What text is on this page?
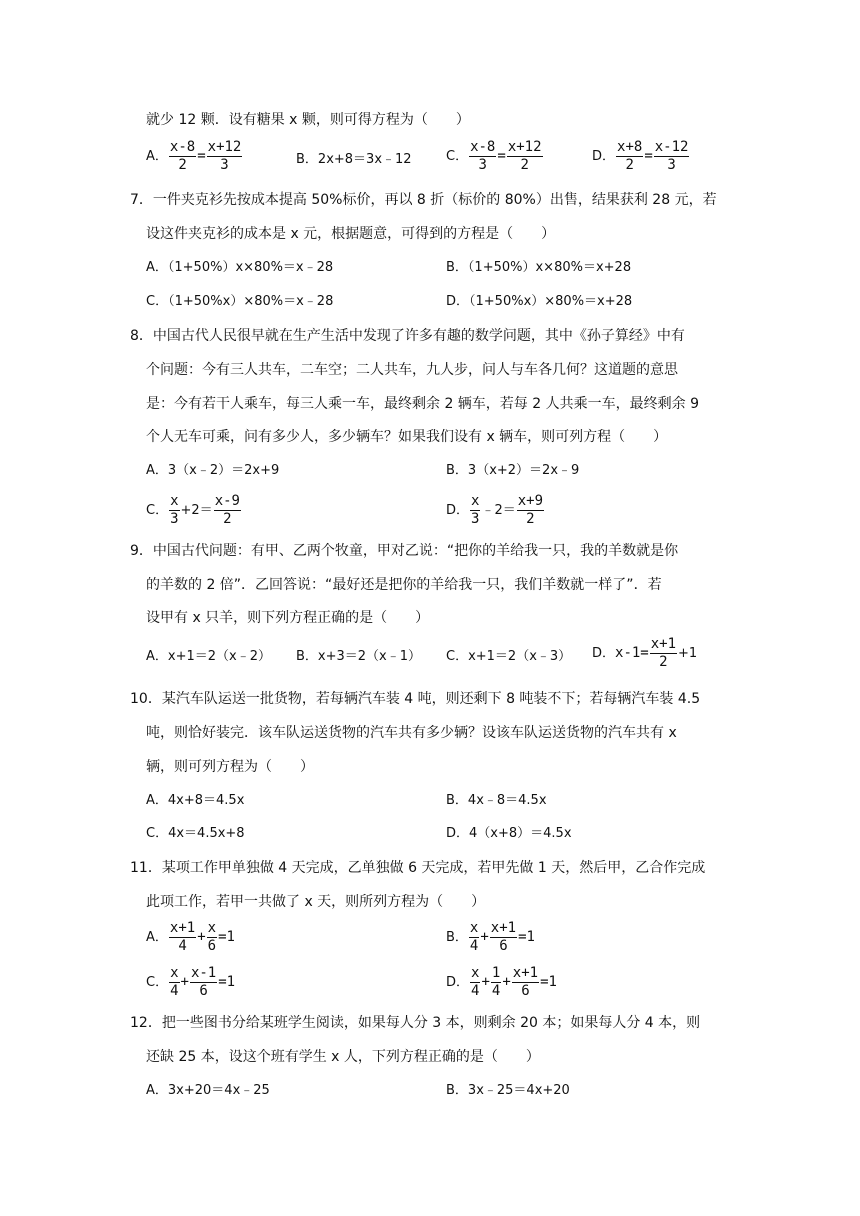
就少 12 颗．设有糖果 x 颗，则可得方程为（　　）
A． $\frac{x-8}{2} = \frac{x+12}{3}$	B．2x+8＝3x﹣12	C． $\frac{x-8}{3} = \frac{x+12}{2}$	D． $\frac{x+8}{2} = \frac{x-12}{3}$
7．一件夹克衫先按成本提高 50%标价，再以 8 折（标价的 80%）出售，结果获利 28 元，若
设这件夹克衫的成本是 x 元，根据题意，可得到的方程是（　　）
A．（1+50%）x×80%＝x﹣28	B．（1+50%）x×80%＝x+28
C．（1+50%x）×80%＝x﹣28	D．（1+50%x）×80%＝x+28
8．中国古代人民很早就在生产生活中发现了许多有趣的数学问题，其中《孙子算经》中有
个问题：今有三人共车，二车空；二人共车，九人步，问人与车各几何？这道题的意思
是：今有若干人乘车，每三人乘一车，最终剩余 2 辆车，若每 2 人共乘一车，最终剩余 9
个人无车可乘，问有多少人，多少辆车？如果我们设有 x 辆车，则可列方程（　　）
A．3（x﹣2）＝2x+9	B．3（x+2）＝2x﹣9
C． $\frac{x}{3} +2= \frac{x-9}{2}$	D． $\frac{x}{3}$ ﹣2＝ $\frac{x+9}{2}$
9．中国古代问题：有甲、乙两个牧童，甲对乙说：“把你的羊给我一只，我的羊数就是你
的羊数的 2 倍”．乙回答说：“最好还是把你的羊给我一只，我们羊数就一样了”．若
设甲有 x 只羊，则下列方程正确的是（　　）
A．x+1＝2（x﹣2） B．x+3＝2（x﹣1） C．x+1＝2（x﹣3） D．$x-1= \frac{x+1}{2} +1$
10．某汽车队运送一批货物，若每辆汽车装 4 吨，则还剩下 8 吨装不下；若每辆汽车装 4.5
吨，则恰好装完．该车队运送货物的汽车共有多少辆？设该车队运送货物的汽车共有 x
辆，则可列方程为（　　）
A．4x+8＝4.5x	B．4x﹣8＝4.5x
C．4x＝4.5x+8	D．4（x+8）＝4.5x
11．某项工作甲单独做 4 天完成，乙单独做 6 天完成，若甲先做 1 天，然后甲，乙合作完成
此项工作，若甲一共做了 x 天，则所列方程为（　　）
A． $\frac{x+1}{4} + \frac{x}{6} =1$	B． $\frac{x}{4} + \frac{x+1}{6} =1$
C． $\frac{x}{4} + \frac{x-1}{6} =1$	D． $\frac{x}{4} + \frac{1}{4} + \frac{x+1}{6} =1$
12．把一些图书分给某班学生阅读，如果每人分 3 本，则剩余 20 本；如果每人分 4 本，则
还缺 25 本，设这个班有学生 x 人，下列方程正确的是（　　）
A．3x+20＝4x﹣25	B．3x﹣25＝4x+20
